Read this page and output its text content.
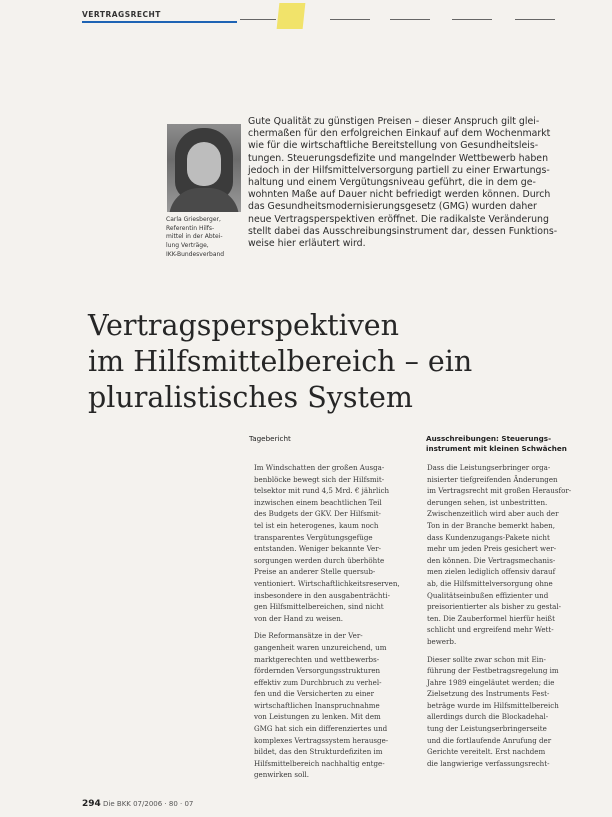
VERTRAGSRECHT
Carla Griesberger,
Referentin Hilfs-
mittel in der Abtei-
lung Verträge,
IKK-Bundesverband
Gute Qualität zu günstigen Preisen – dieser Anspruch gilt glei-
chermaßen für den erfolgreichen Einkauf auf dem Wochenmarkt
wie für die wirtschaftliche Bereitstellung von Gesundheitsleis-
tungen. Steuerungsdefizite und mangelnder Wettbewerb haben
jedoch in der Hilfsmittelversorgung partiell zu einer Erwartungs-
haltung und einem Vergütungsniveau geführt, die in dem ge-
wohnten Maße auf Dauer nicht befriedigt werden können. Durch
das Gesundheitsmodernisierungsgesetz (GMG) wurden daher
neue Vertragsperspektiven eröffnet. Die radikalste Veränderung
stellt dabei das Ausschreibungsinstrument dar, dessen Funktions-
weise hier erläutert wird.
Vertragsperspektiven
im Hilfsmittelbereich – ein
pluralistisches System
Tagebericht
Im Windschatten der großen Ausga-
benblöcke bewegt sich der Hilfsmit-
telsektor mit rund 4,5 Mrd. € jährlich
inzwischen einem beachtlichen Teil
des Budgets der GKV. Der Hilfsmit-
tel ist ein heterogenes, kaum noch
transparentes Vergütungsgefüge
entstanden. Weniger bekannte Ver-
sorgungen werden durch überhöhte
Preise an anderer Stelle quersub-
ventioniert. Wirtschaftlichkeitsreserven,
insbesondere in den ausgabenträchti-
gen Hilfsmittelbereichen, sind nicht
von der Hand zu weisen.
Die Reformansätze in der Ver-
gangenheit waren unzureichend, um
marktgerechten und wettbewerbs-
fördernden Versorgungsstrukturen
effektiv zum Durchbruch zu verhel-
fen und die Versicherten zu einer
wirtschaftlichen Inanspruchnahme
von Leistungen zu lenken. Mit dem
GMG hat sich ein differenziertes und
komplexes Vertragssystem herausge-
bildet, das den Strukturdefiziten im
Hilfsmittelbereich nachhaltig entge-
genwirken soll.
Ausschreibungen: Steuerungs-
instrument mit kleinen Schwächen
Dass die Leistungserbringer orga-
nisierter tiefgreifenden Änderungen
im Vertragsrecht mit großen Herausfor-
derungen sehen, ist unbestritten.
Zwischenzeitlich wird aber auch der
Ton in der Branche bemerkt haben,
dass Kundenzugangs-Pakete nicht
mehr um jeden Preis gesichert wer-
den können. Die Vertragsmechanis-
men zielen lediglich offensiv darauf
ab, die Hilfsmittelversorgung ohne
Qualitätseinbußen effizienter und
preisorientierter als bisher zu gestal-
ten. Die Zauberformel hierfür heißt
schlicht und ergreifend mehr Wett-
bewerb.
Dieser sollte zwar schon mit Ein-
führung der Festbetragsregelung im
Jahre 1989 eingeläutet werden; die
Zielsetzung des Instruments Fest-
beträge wurde im Hilfsmittelbereich
allerdings durch die Blockadehal-
tung der Leistungserbringerseite
und die fortlaufende Anrufung der
Gerichte vereitelt. Erst nachdem
die langwierige verfassungsrecht-
294 Die BKK 07/2006 · 80 · 07
